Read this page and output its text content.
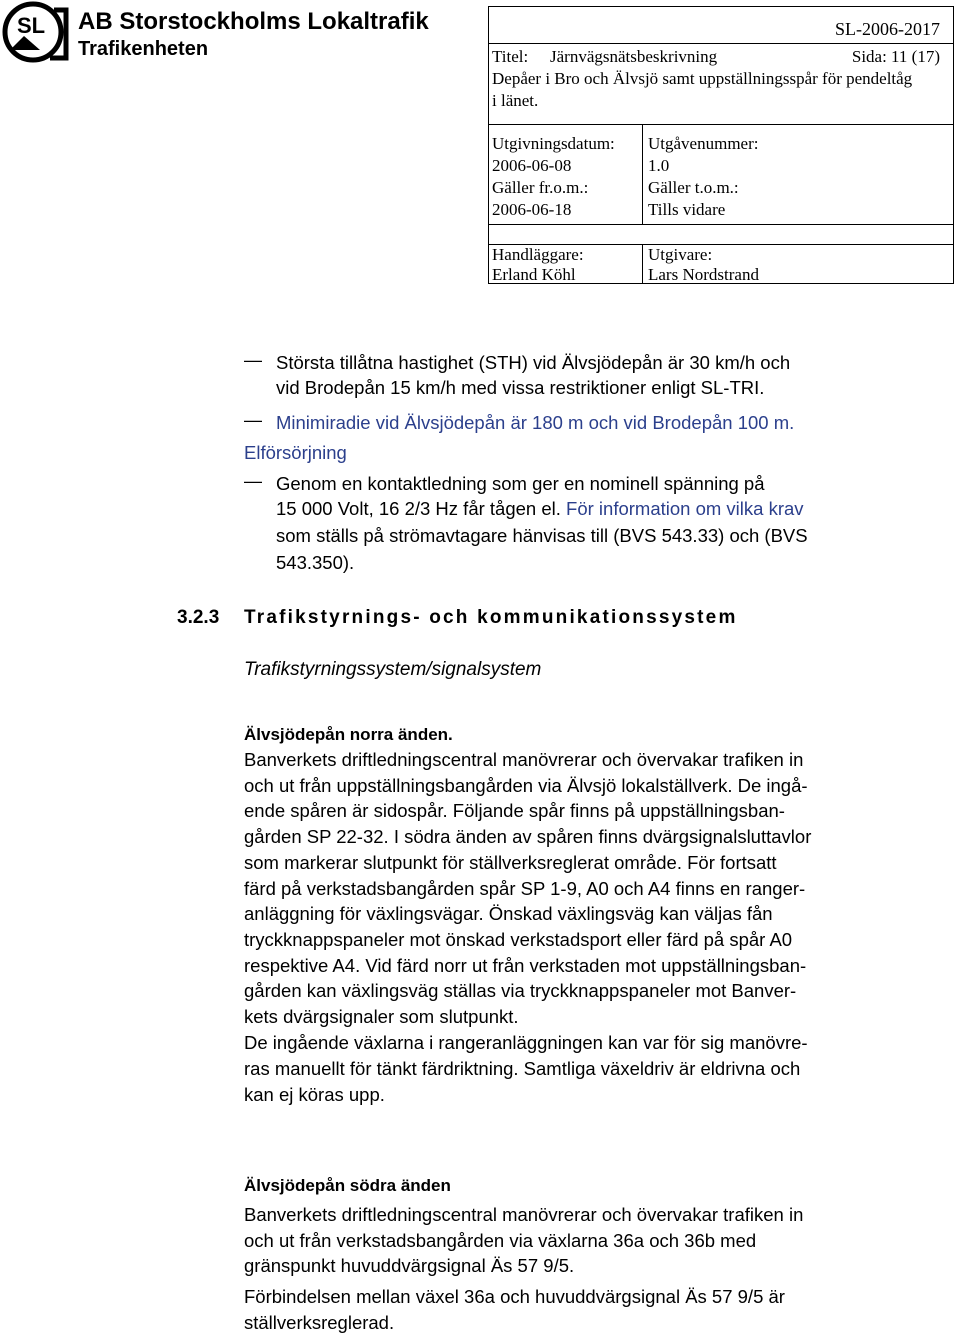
SL AB Storstockholms Lokaltrafik
Trafikenheten
SL-2006-2017
Titel: Järnvägsnätsbeskrivning	Sida: 11 (17)
Depåer i Bro och Älvsjö samt uppställningsspår för pendeltåg
i länet.
Utgivningsdatum:
2006-06-08
Utgåvenummer:
1.0
Gäller fr.o.m.:
2006-06-18
Gäller t.o.m.:
Tills vidare
Handläggare:
Erland Köhl
Utgivare:
Lars Nordstrand
— Största tillåtna hastighet (STH) vid Älvsjödepån är 30 km/h och
vid Brodepån 15 km/h med vissa restriktioner enligt SL-TRI.
— Minimiradie vid Älvsjödepån är 180 m och vid Brodepån 100 m.
Elförsörjning
— Genom en kontaktledning som ger en nominell spänning på
15 000 Volt, 16 2/3 Hz får tågen el. För information om vilka krav
som ställs på strömavtagare hänvisas till (BVS 543.33) och (BVS
543.350).
3.2.3 Trafikstyrnings- och kommunikationssystem
Trafikstyrningssystem/signalsystem
Älvsjödepån norra änden.
Banverkets driftledningscentral manövrerar och övervakar trafiken in
och ut från uppställningsbangården via Älvsjö lokalställverk. De ingå-
ende spåren är sidospår. Följande spår finns på uppställningsban-
gården SP 22-32. I södra änden av spåren finns dvärgsignalsluttavlor
som markerar slutpunkt för ställverksreglerat område. För fortsatt
färd på verkstadsbangården spår SP 1-9, A0 och A4 finns en ranger-
anläggning för växlingsvägar. Önskad växlingsväg kan väljas fån
tryckknappspaneler mot önskad verkstadsport eller färd på spår A0
respektive A4. Vid färd norr ut från verkstaden mot uppställningsban-
gården kan växlingsväg ställas via tryckknappspaneler mot Banver-
kets dvärgsignaler som slutpunkt.
De ingående växlarna i rangeranläggningen kan var för sig manövre-
ras manuellt för tänkt färdriktning. Samtliga växeldriv är eldrivna och
kan ej köras upp.
Älvsjödepån södra änden
Banverkets driftledningscentral manövrerar och övervakar trafiken in
och ut från verkstadsbangården via växlarna 36a och 36b med
gränspunkt huvuddvärgsignal Äs 57 9/5.
Förbindelsen mellan växel 36a och huvuddvärgsignal Äs 57 9/5 är
ställverksreglerad.
